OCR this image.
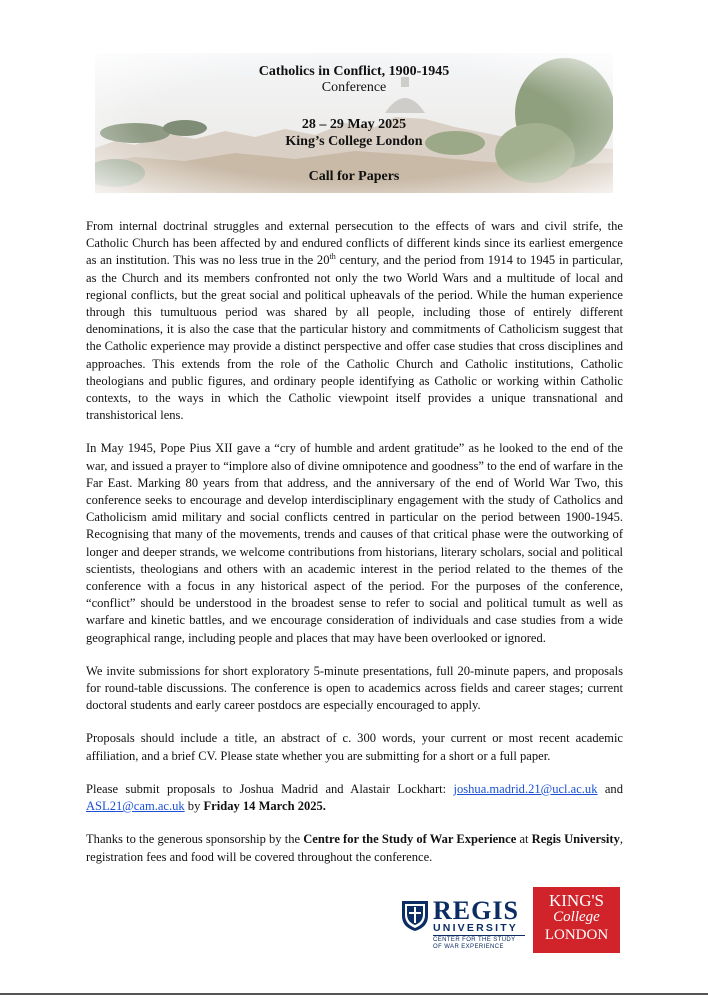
Catholics in Conflict, 1900-1945
Conference
28 – 29 May 2025
King’s College London
Call for Papers

From internal doctrinal struggles and external persecution to the effects of wars and civil strife, the Catholic Church has been affected by and endured conflicts of different kinds since its earliest emergence as an institution. This was no less true in the 20th century, and the period from 1914 to 1945 in particular, as the Church and its members confronted not only the two World Wars and a multitude of local and regional conflicts, but the great social and political upheavals of the period. While the human experience through this tumultuous period was shared by all people, including those of entirely different denominations, it is also the case that the particular history and commitments of Catholicism suggest that the Catholic experience may provide a distinct perspective and offer case studies that cross disciplines and approaches. This extends from the role of the Catholic Church and Catholic institutions, Catholic theologians and public figures, and ordinary people identifying as Catholic or working within Catholic contexts, to the ways in which the Catholic viewpoint itself provides a unique transnational and transhistorical lens.

In May 1945, Pope Pius XII gave a “cry of humble and ardent gratitude” as he looked to the end of the war, and issued a prayer to “implore also of divine omnipotence and goodness” to the end of warfare in the Far East. Marking 80 years from that address, and the anniversary of the end of World War Two, this conference seeks to encourage and develop interdisciplinary engagement with the study of Catholics and Catholicism amid military and social conflicts centred in particular on the period between 1900-1945. Recognising that many of the movements, trends and causes of that critical phase were the outworking of longer and deeper strands, we welcome contributions from historians, literary scholars, social and political scientists, theologians and others with an academic interest in the period related to the themes of the conference with a focus in any historical aspect of the period. For the purposes of the conference, “conflict” should be understood in the broadest sense to refer to social and political tumult as well as warfare and kinetic battles, and we encourage consideration of individuals and case studies from a wide geographical range, including people and places that may have been overlooked or ignored.

We invite submissions for short exploratory 5-minute presentations, full 20-minute papers, and proposals for round-table discussions. The conference is open to academics across fields and career stages; current doctoral students and early career postdocs are especially encouraged to apply.

Proposals should include a title, an abstract of c. 300 words, your current or most recent academic affiliation, and a brief CV. Please state whether you are submitting for a short or a full paper.

Please submit proposals to Joshua Madrid and Alastair Lockhart: joshua.madrid.21@ucl.ac.uk and ASL21@cam.ac.uk by Friday 14 March 2025.

Thanks to the generous sponsorship by the Centre for the Study of War Experience at Regis University, registration fees and food will be covered throughout the conference.

REGIS
UNIVERSITY
CENTER FOR THE STUDY
OF WAR EXPERIENCE
KING'S
College
LONDON
